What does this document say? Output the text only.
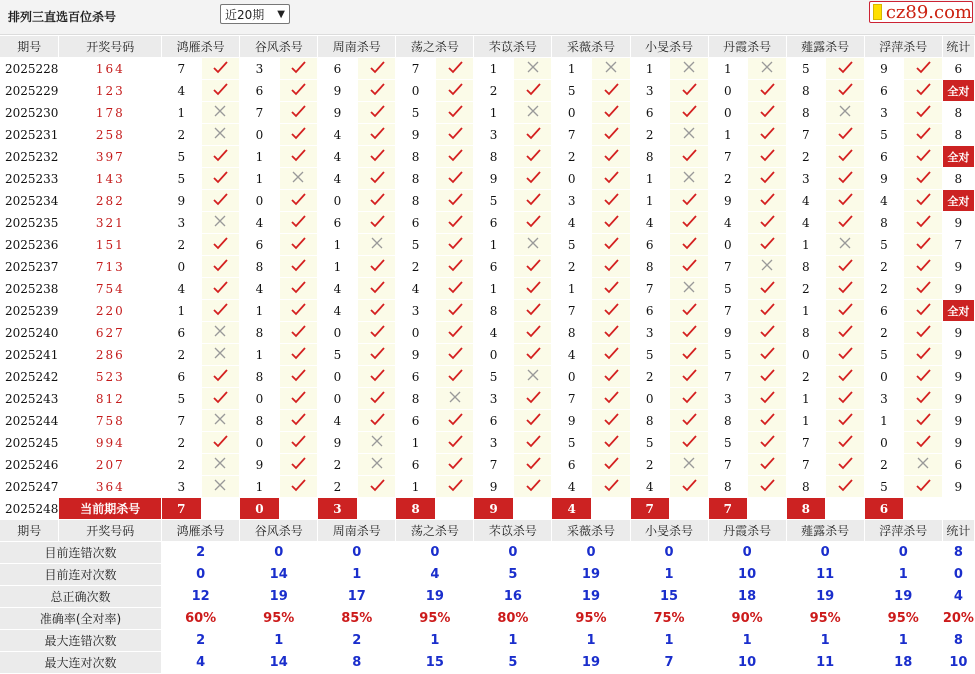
排列三直选百位杀号	近20期 ▼	cz89.com
期号	开奖号码	鸿雁杀号		谷风杀号		周南杀号		荡之杀号		芣苡杀号		采薇杀号		小旻杀号		丹霞杀号		薤露杀号		浮萍杀号		统计
2025228	164	7		3		6		7		1		1		1		1		5		9		6
2025229	123	4		6		9		0		2		5		3		0		8		6		全对
2025230	178	1		7		9		5		1		0		6		0		8		3		8
2025231	258	2		0		4		9		3		7		2		1		7		5		8
2025232	397	5		1		4		8		8		2		8		7		2		6		全对
2025233	143	5		1		4		8		9		0		1		2		3		9		8
2025234	282	9		0		0		8		5		3		1		9		4		4		全对
2025235	321	3		4		6		6		6		4		4		4		4		8		9
2025236	151	2		6		1		5		1		5		6		0		1		5		7
2025237	713	0		8		1		2		6		2		8		7		8		2		9
2025238	754	4		4		4		4		1		1		7		5		2		2		9
2025239	220	1		1		4		3		8		7		6		7		1		6		全对
2025240	627	6		8		0		0		4		8		3		9		8		2		9
2025241	286	2		1		5		9		0		4		5		5		0		5		9
2025242	523	6		8		0		6		5		0		2		7		2		0		9
2025243	812	5		0		0		8		3		7		0		3		1		3		9
2025244	758	7		8		4		6		6		9		8		8		1		1		9
2025245	994	2		0		9		1		3		5		5		5		7		0		9
2025246	207	2		9		2		6		7		6		2		7		7		2		6
2025247	364	3		1		2		1		9		4		4		8		8		5		9
2025248	当前期杀号	7		0		3		8		9		4		7		7		8		6		
期号	开奖号码	鸿雁杀号		谷风杀号		周南杀号		荡之杀号		芣苡杀号		采薇杀号		小旻杀号		丹霞杀号		薤露杀号		浮萍杀号		统计
目前连错次数		2		0		0		0		0		0		0		0		0		0		8
目前连对次数		0		14		1		4		5		19		1		10		11		1		0
总正确次数		12		19		17		19		16		19		15		18		19		19		4
准确率(全对率)		60%		95%		85%		95%		80%		95%		75%		90%		95%		95%		20%
最大连错次数		2		1		2		1		1		1		1		1		1		1		8
最大连对次数		4		14		8		15		5		19		7		10		11		18		10
